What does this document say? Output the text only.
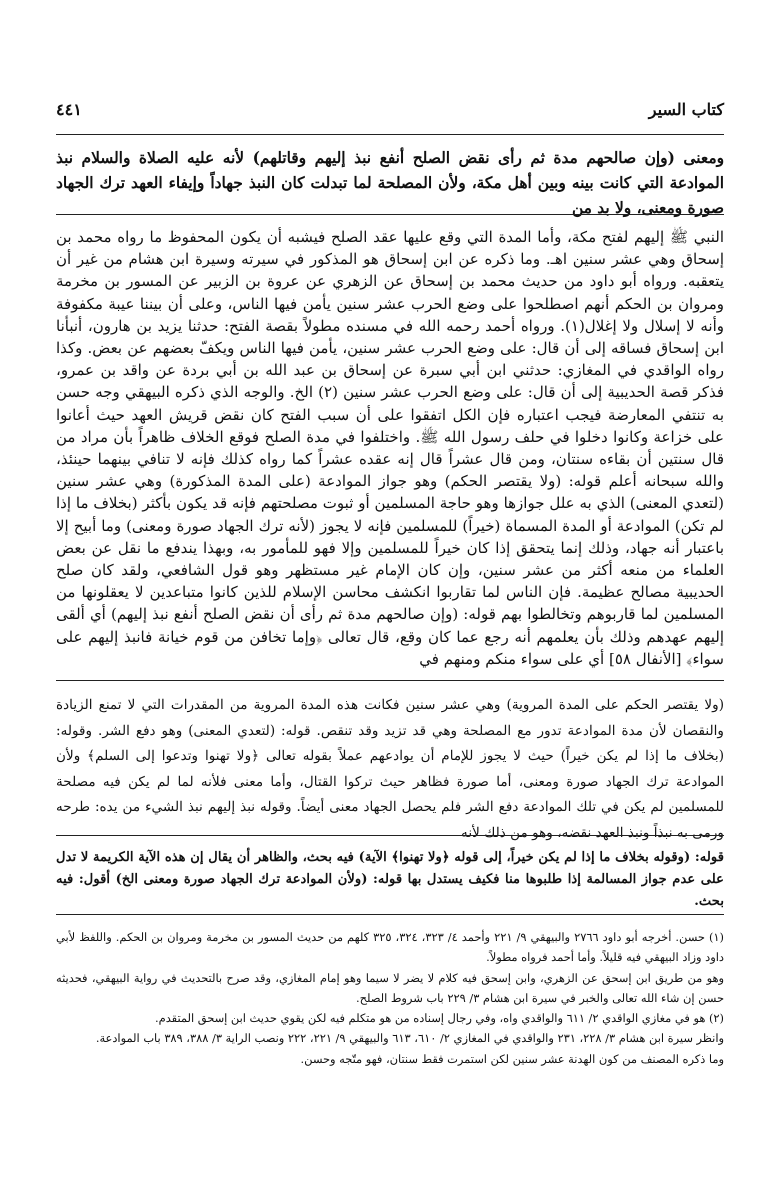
كتاب السير
٤٤١

ومعنى (وإن صالحهم مدة ثم رأى نقض الصلح أنفع نبذ إليهم وقاتلهم) لأنه عليه الصلاة والسلام نبذ الموادعة التي كانت بينه وبين أهل مكة، ولأن المصلحة لما تبدلت كان النبذ جهاداً وإيفاء العهد ترك الجهاد صورة ومعنى، ولا بد من

النبي ﷺ إليهم لفتح مكة، وأما المدة التي وقع عليها عقد الصلح فيشبه أن يكون المحفوظ ما رواه محمد بن إسحاق وهي عشر سنين اهـ. وما ذكره عن ابن إسحاق هو المذكور في سيرته وسيرة ابن هشام من غير أن يتعقبه. ورواه أبو داود من حديث محمد بن إسحاق عن الزهري عن عروة بن الزبير عن المسور بن مخرمة ومروان بن الحكم أنهم اصطلحوا على وضع الحرب عشر سنين يأمن فيها الناس، وعلى أن بيننا عيبة مكفوفة وأنه لا إسلال ولا إغلال(١). ورواه أحمد رحمه الله في مسنده مطولاً بقصة الفتح: حدثنا يزيد بن هارون، أنبأنا ابن إسحاق فساقه إلى أن قال: على وضع الحرب عشر سنين، يأمن فيها الناس ويكفّ بعضهم عن بعض. وكذا رواه الواقدي في المغازي: حدثني ابن أبي سبرة عن إسحاق بن عبد الله بن أبي بردة عن واقد بن عمرو، فذكر قصة الحديبية إلى أن قال: على وضع الحرب عشر سنين (٢) الخ. والوجه الذي ذكره البيهقي وجه حسن به تنتفي المعارضة فيجب اعتباره فإن الكل اتفقوا على أن سبب الفتح كان نقض قريش العهد حيث أعانوا على خزاعة وكانوا دخلوا في حلف رسول الله ﷺ. واختلفوا في مدة الصلح فوقع الخلاف ظاهراً بأن مراد من قال سنتين أن بقاءه سنتان، ومن قال عشراً قال إنه عقده عشراً كما رواه كذلك فإنه لا تنافي بينهما حينئذ، والله سبحانه أعلم قوله: (ولا يقتصر الحكم) وهو جواز الموادعة (على المدة المذكورة) وهي عشر سنين (لتعدي المعنى) الذي به علل جوازها وهو حاجة المسلمين أو ثبوت مصلحتهم فإنه قد يكون بأكثر (بخلاف ما إذا لم تكن) الموادعة أو المدة المسماة (خيراً) للمسلمين فإنه لا يجوز (لأنه ترك الجهاد صورة ومعنى) وما أبيح إلا باعتبار أنه جهاد، وذلك إنما يتحقق إذا كان خيراً للمسلمين وإلا فهو للمأمور به، وبهذا يندفع ما نقل عن بعض العلماء من منعه أكثر من عشر سنين، وإن كان الإمام غير مستظهر وهو قول الشافعي، ولقد كان صلح الحديبية مصالح عظيمة. فإن الناس لما تقاربوا انكشف محاسن الإسلام للذين كانوا متباعدين لا يعقلونها من المسلمين لما قاربوهم وتخالطوا بهم قوله: (وإن صالحهم مدة ثم رأى أن نقض الصلح أنفع نبذ إليهم) أي ألقى إليهم عهدهم وذلك بأن يعلمهم أنه رجع عما كان وقع، قال تعالى ﴿وإما تخافن من قوم خيانة فانبذ إليهم على سواء﴾ [الأنفال ٥٨] أي على سواء منكم ومنهم في

(ولا يقتصر الحكم على المدة المروية) وهي عشر سنين فكانت هذه المدة المروية من المقدرات التي لا تمنع الزيادة والنقصان لأن مدة الموادعة تدور مع المصلحة وهي قد تزيد وقد تنقص. قوله: (لتعدي المعنى) وهو دفع الشر. وقوله: (بخلاف ما إذا لم يكن خيراً) حيث لا يجوز للإمام أن يوادعهم عملاً بقوله تعالى ﴿ولا تهنوا وتدعوا إلى السلم﴾ ولأن الموادعة ترك الجهاد صورة ومعنى، أما صورة فظاهر حيث تركوا القتال، وأما معنى فلأنه لما لم يكن فيه مصلحة للمسلمين لم يكن في تلك الموادعة دفع الشر فلم يحصل الجهاد معنى أيضاً. وقوله نبذ إليهم نبذ الشيء من يده: طرحه ورمى به نبذاً ونبذ العهد نقضه، وهو من ذلك لأنه

قوله: (وقوله بخلاف ما إذا لم يكن خيراً، إلى قوله ﴿ولا تهنوا﴾ الآية) فيه بحث، والظاهر أن يقال إن هذه الآية الكريمة لا تدل على عدم جواز المسالمة إذا طلبوها منا فكيف يستدل بها قوله: (ولأن الموادعة ترك الجهاد صورة ومعنى الخ) أقول: فيه بحث.

(١) حسن. أخرجه أبو داود ٢٧٦٦ والبيهقي ٩/ ٢٢١ وأحمد ٤/ ٣٢٣، ٣٢٤، ٣٢٥ كلهم من حديث المسور بن مخرمة ومروان بن الحكم. واللفظ لأبي داود وزاد البيهقي فيه قليلاً. وأما أحمد فرواه مطولاً.

وهو من طريق ابن إسحق عن الزهري، وابن إسحق فيه كلام لا يضر لا سيما وهو إمام المغازي، وقد صرح بالتحديث في رواية البيهقي، فحديثه حسن إن شاء الله تعالى والخبر في سيرة ابن هشام ٣/ ٢٢٩ باب شروط الصلح.

(٢) هو في مغازي الواقدي ٢/ ٦١١ والواقدي واه، وفي رجال إسناده من هو متكلم فيه لكن يقوي حديث ابن إسحق المتقدم.

وانظر سيرة ابن هشام ٣/ ٢٢٨، ٢٣١ والواقدي في المغازي ٢/ ٦١٠، ٦١٣ والبيهقي ٩/ ٢٢١، ٢٢٢ ونصب الراية ٣/ ٣٨٨، ٣٨٩ باب الموادعة.

وما ذكره المصنف من كون الهدنة عشر سنين لكن استمرت فقط سنتان، فهو متّجه وحسن.
